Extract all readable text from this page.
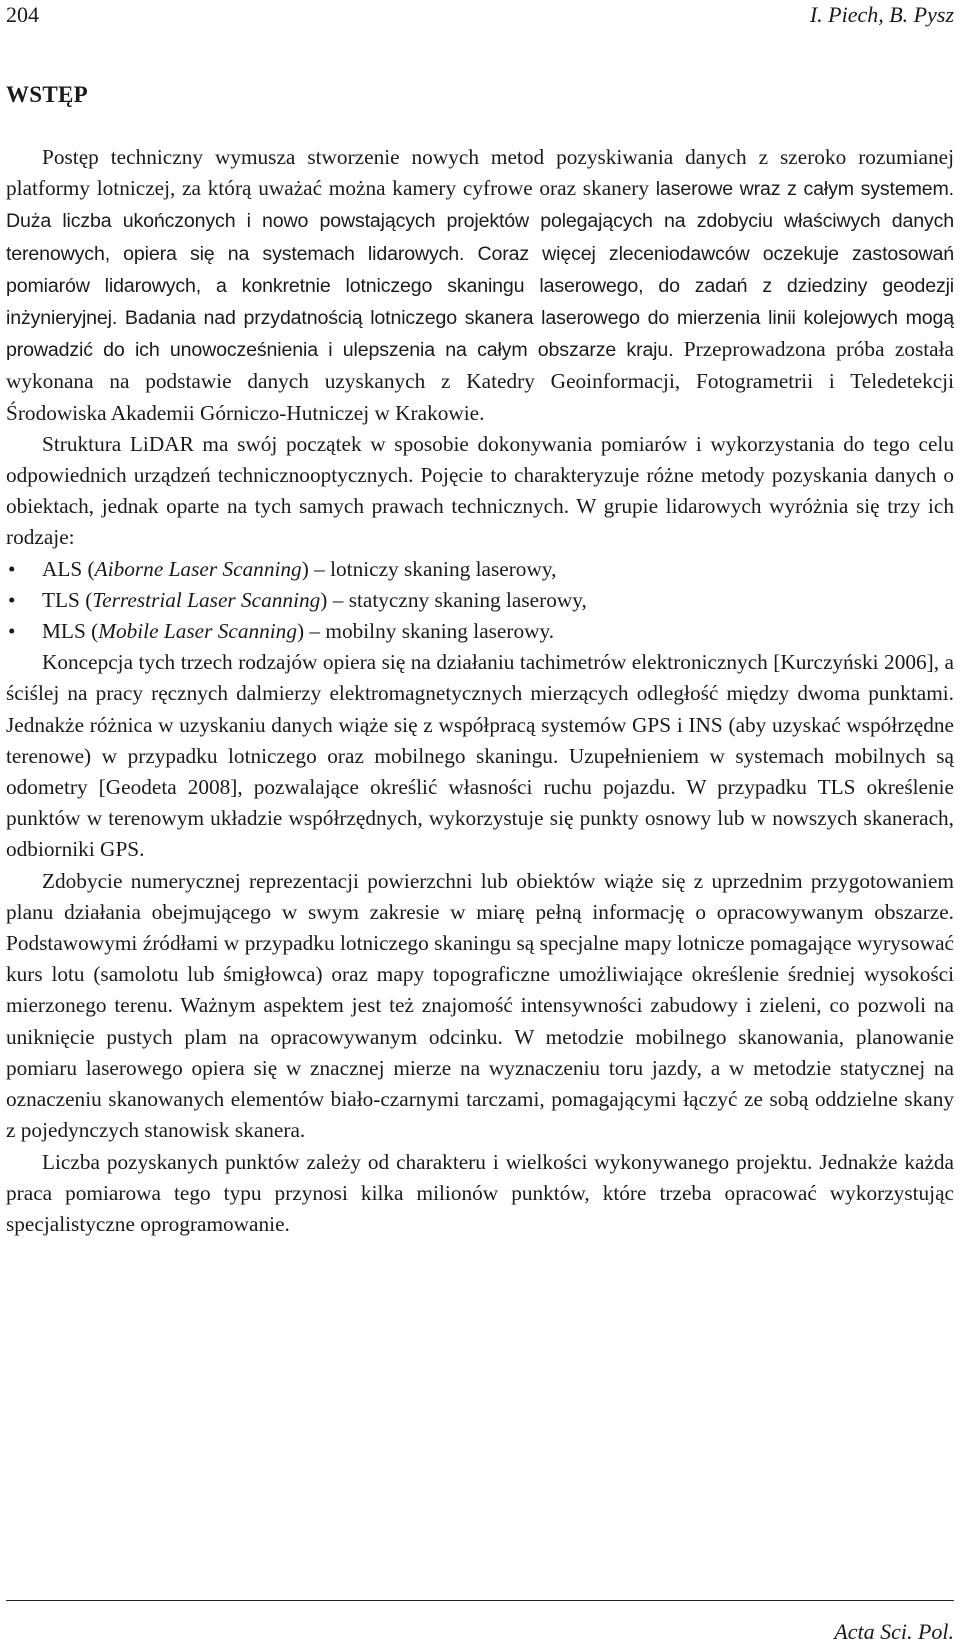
204	I. Piech, B. Pysz
WSTĘP

Postęp techniczny wymusza stworzenie nowych metod pozyskiwania danych z szeroko rozumianej platformy lotniczej, za którą uważać można kamery cyfrowe oraz skanery laserowe wraz z całym systemem. Duża liczba ukończonych i nowo powstających projektów polegających na zdobyciu właściwych danych terenowych, opiera się na systemach lidarowych. Coraz więcej zleceniodawców oczekuje zastosowań pomiarów lidarowych, a konkretnie lotniczego skaningu laserowego, do zadań z dziedziny geodezji inżynieryjnej. Badania nad przydatnością lotniczego skanera laserowego do mierzenia linii kolejowych mogą prowadzić do ich unowocześnienia i ulepszenia na całym obszarze kraju. Przeprowadzona próba została wykonana na podstawie danych uzyskanych z Katedry Geoinformacji, Fotogrametrii i Teledetekcji Środowiska Akademii Górniczo-Hutniczej w Krakowie.

Struktura LiDAR ma swój początek w sposobie dokonywania pomiarów i wykorzystania do tego celu odpowiednich urządzeń technicznooptycznych. Pojęcie to charakteryzuje różne metody pozyskania danych o obiektach, jednak oparte na tych samych prawach technicznych. W grupie lidarowych wyróżnia się trzy ich rodzaje:

• ALS (Aiborne Laser Scanning) – lotniczy skaning laserowy,
• TLS (Terrestrial Laser Scanning) – statyczny skaning laserowy,
• MLS (Mobile Laser Scanning) – mobilny skaning laserowy.

Koncepcja tych trzech rodzajów opiera się na działaniu tachimetrów elektronicznych [Kurczyński 2006], a ściślej na pracy ręcznych dalmierzy elektromagnetycznych mierzących odległość między dwoma punktami. Jednakże różnica w uzyskaniu danych wiąże się z współpracą systemów GPS i INS (aby uzyskać współrzędne terenowe) w przypadku lotniczego oraz mobilnego skaningu. Uzupełnieniem w systemach mobilnych są odometry [Geodeta 2008], pozwalające określić własności ruchu pojazdu. W przypadku TLS określenie punktów w terenowym układzie współrzędnych, wykorzystuje się punkty osnowy lub w nowszych skanerach, odbiorniki GPS.

Zdobycie numerycznej reprezentacji powierzchni lub obiektów wiąże się z uprzednim przygotowaniem planu działania obejmującego w swym zakresie w miarę pełną informację o opracowywanym obszarze. Podstawowymi źródłami w przypadku lotniczego skaningu są specjalne mapy lotnicze pomagające wyrysować kurs lotu (samolotu lub śmigłowca) oraz mapy topograficzne umożliwiające określenie średniej wysokości mierzonego terenu. Ważnym aspektem jest też znajomość intensywności zabudowy i zieleni, co pozwoli na uniknięcie pustych plam na opracowywanym odcinku. W metodzie mobilnego skanowania, planowanie pomiaru laserowego opiera się w znacznej mierze na wyznaczeniu toru jazdy, a w metodzie statycznej na oznaczeniu skanowanych elementów biało-czarnymi tarczami, pomagającymi łączyć ze sobą oddzielne skany z pojedynczych stanowisk skanera.

Liczba pozyskanych punktów zależy od charakteru i wielkości wykonywanego projektu. Jednakże każda praca pomiarowa tego typu przynosi kilka milionów punktów, które trzeba opracować wykorzystując specjalistyczne oprogramowanie.

Acta Sci. Pol.
